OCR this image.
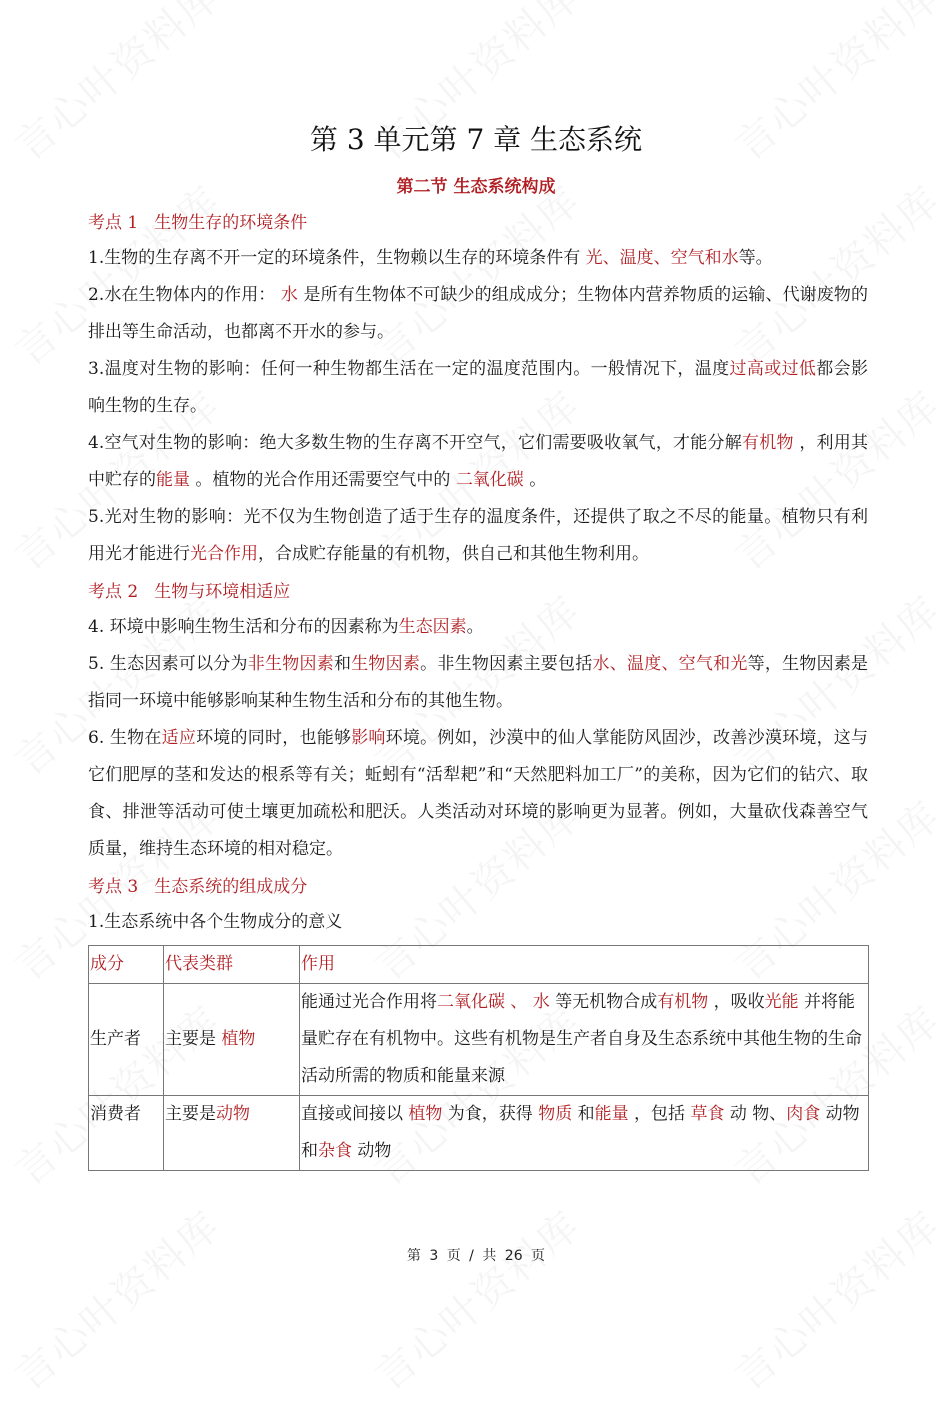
第 3 单元第 7 章 生态系统
第二节 生态系统构成
考点 1 生物生存的环境条件

1.生物的生存离不开一定的环境条件，生物赖以生存的环境条件有 光、温度、空气和水等。

2.水在生物体内的作用： 水 是所有生物体不可缺少的组成成分；生物体内营养物质的运输、代谢废物的排出等生命活动，也都离不开水的参与。

3.温度对生物的影响：任何一种生物都生活在一定的温度范围内。一般情况下，温度过高或过低都会影响生物的生存。

4.空气对生物的影响：绝大多数生物的生存离不开空气，它们需要吸收氧气，才能分解有机物 ，利用其中贮存的能量 。植物的光合作用还需要空气中的 二氧化碳 。

5.光对生物的影响：光不仅为生物创造了适于生存的温度条件，还提供了取之不尽的能量。植物只有利用光才能进行光合作用，合成贮存能量的有机物，供自己和其他生物利用。

考点 2 生物与环境相适应

4. 环境中影响生物生活和分布的因素称为生态因素。

5. 生态因素可以分为非生物因素和生物因素。非生物因素主要包括水、温度、空气和光等，生物因素是指同一环境中能够影响某种生物生活和分布的其他生物。

6. 生物在适应环境的同时，也能够影响环境。例如，沙漠中的仙人掌能防风固沙，改善沙漠环境，这与它们肥厚的茎和发达的根系等有关；蚯蚓有“活犁耙”和“天然肥料加工厂”的美称，因为它们的钻穴、取食、排泄等活动可使土壤更加疏松和肥沃。人类活动对环境的影响更为显著。例如，大量砍伐森善空气质量，维持生态环境的相对稳定。

考点 3 生态系统的组成成分

1.生态系统中各个生物成分的意义

成分	代表类群	作用
生产者	主要是 植物	能通过光合作用将二氧化碳 、 水 等无机物合成有机物 ，吸收光能 并将能量贮存在有机物中。这些有机物是生产者自身及生态系统中其他生物的生命活动所需的物质和能量来源
消费者	主要是动物	直接或间接以 植物 为食，获得 物质 和能量 ，包括 草食 动 物、肉食 动物和杂食 动物
第 3 页 / 共 26 页
